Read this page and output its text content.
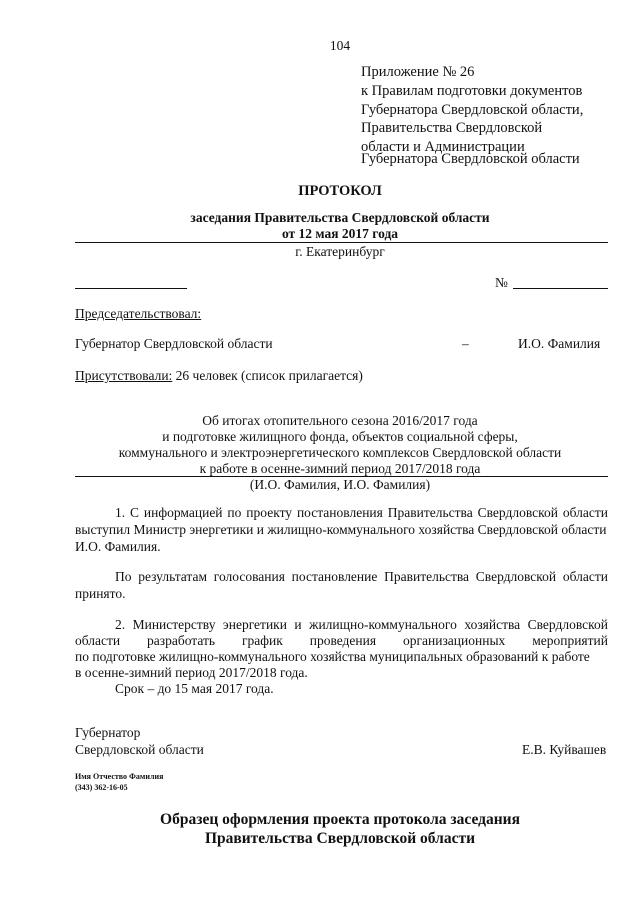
104
Приложение № 26
к Правилам подготовки документов
Губернатора Свердловской области,
Правительства Свердловской
области и Администрации
Губернатора Свердловской области
ПРОТОКОЛ
заседания Правительства Свердловской области
от 12 мая 2017 года
г. Екатеринбург
№
Председательствовал:
Губернатор Свердловской области	–	И.О. Фамилия
Присутствовали: 26 человек (список прилагается)
Об итогах отопительного сезона 2016/2017 года
и подготовке жилищного фонда, объектов социальной сферы,
коммунального и электроэнергетического комплексов Свердловской области
к работе в осенне-зимний период 2017/2018 года
(И.О. Фамилия, И.О. Фамилия)
1. С информацией по проекту постановления Правительства Свердловской области
выступил Министр энергетики и жилищно-коммунального хозяйства Свердловской области
И.О. Фамилия.
По результатам голосования постановление Правительства Свердловской области
принято.
2. Министерству энергетики и жилищно-коммунального хозяйства Свердловской
области разработать график проведения организационных мероприятий
по подготовке жилищно-коммунального хозяйства муниципальных образований к работе
в осенне-зимний период 2017/2018 года.
Срок – до 15 мая 2017 года.
Губернатор
Свердловской области	Е.В. Куйвашев
Имя Отчество Фамилия
(343) 362-16-05
Образец оформления проекта протокола заседания
Правительства Свердловской области
